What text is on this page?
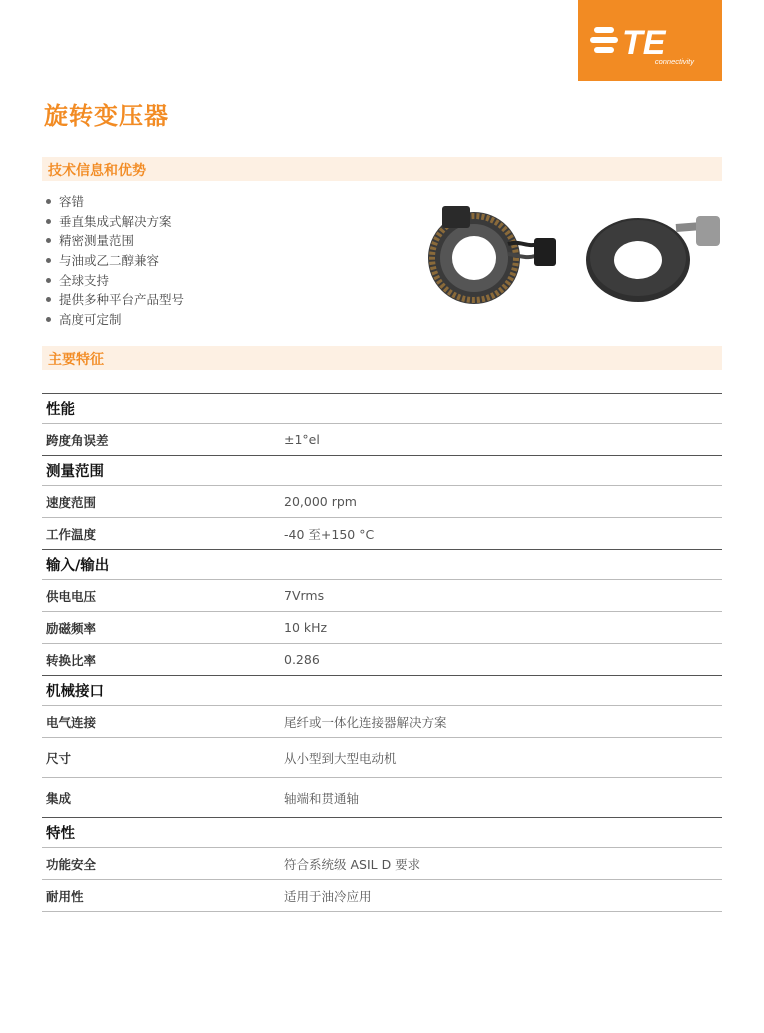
TE
connectivity
旋转变压器
技术信息和优势
容错
垂直集成式解决方案
精密测量范围
与油或乙二醇兼容
全球支持
提供多种平台产品型号
高度可定制
主要特征
性能	
跨度角误差	±1°el
测量范围	
速度范围	20,000 rpm
工作温度	-40 至+150 °C
输入/输出	
供电电压	7Vrms
励磁频率	10 kHz
转换比率	0.286
机械接口	
电气连接	尾纤或一体化连接器解决方案
尺寸	从小型到大型电动机
集成	轴端和贯通轴
特性	
功能安全	符合系统级 ASIL D 要求
耐用性	适用于油冷应用
